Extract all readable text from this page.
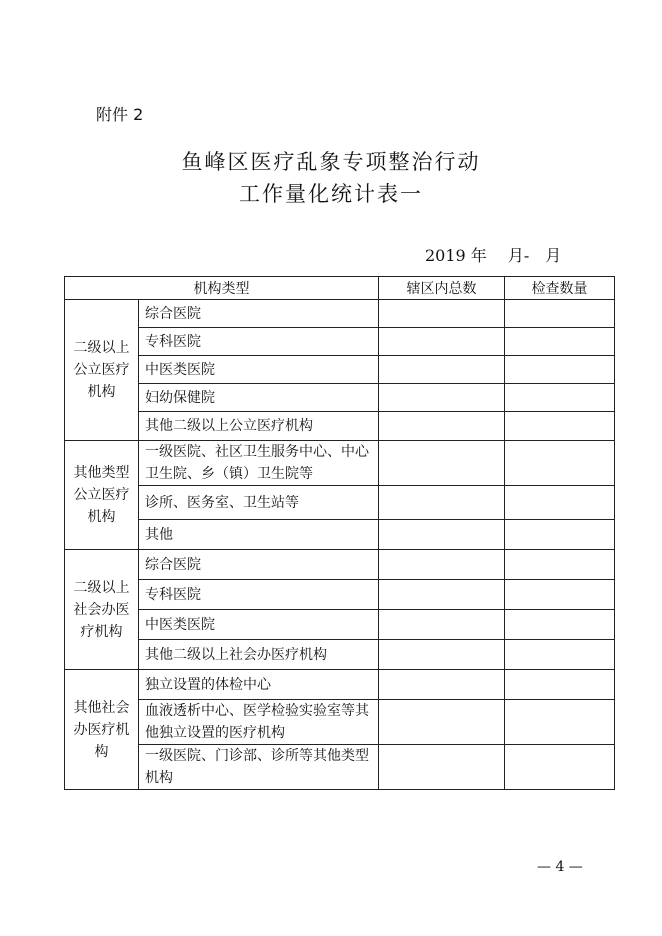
附件 2
鱼峰区医疗乱象专项整治行动
工作量化统计表一
2019 年　 月-　月
机构类型		辖区内总数	检查数量
二级以上公立医疗机构	综合医院		
	专科医院		
	中医类医院		
	妇幼保健院		
	其他二级以上公立医疗机构		
其他类型公立医疗机构	一级医院、社区卫生服务中心、中心卫生院、乡（镇）卫生院等		
	诊所、医务室、卫生站等		
	其他		
二级以上社会办医疗机构	综合医院		
	专科医院		
	中医类医院		
	其他二级以上社会办医疗机构		
其他社会办医疗机构	独立设置的体检中心		
	血液透析中心、医学检验实验室等其他独立设置的医疗机构		
	一级医院、门诊部、诊所等其他类型机构		
— 4 —
